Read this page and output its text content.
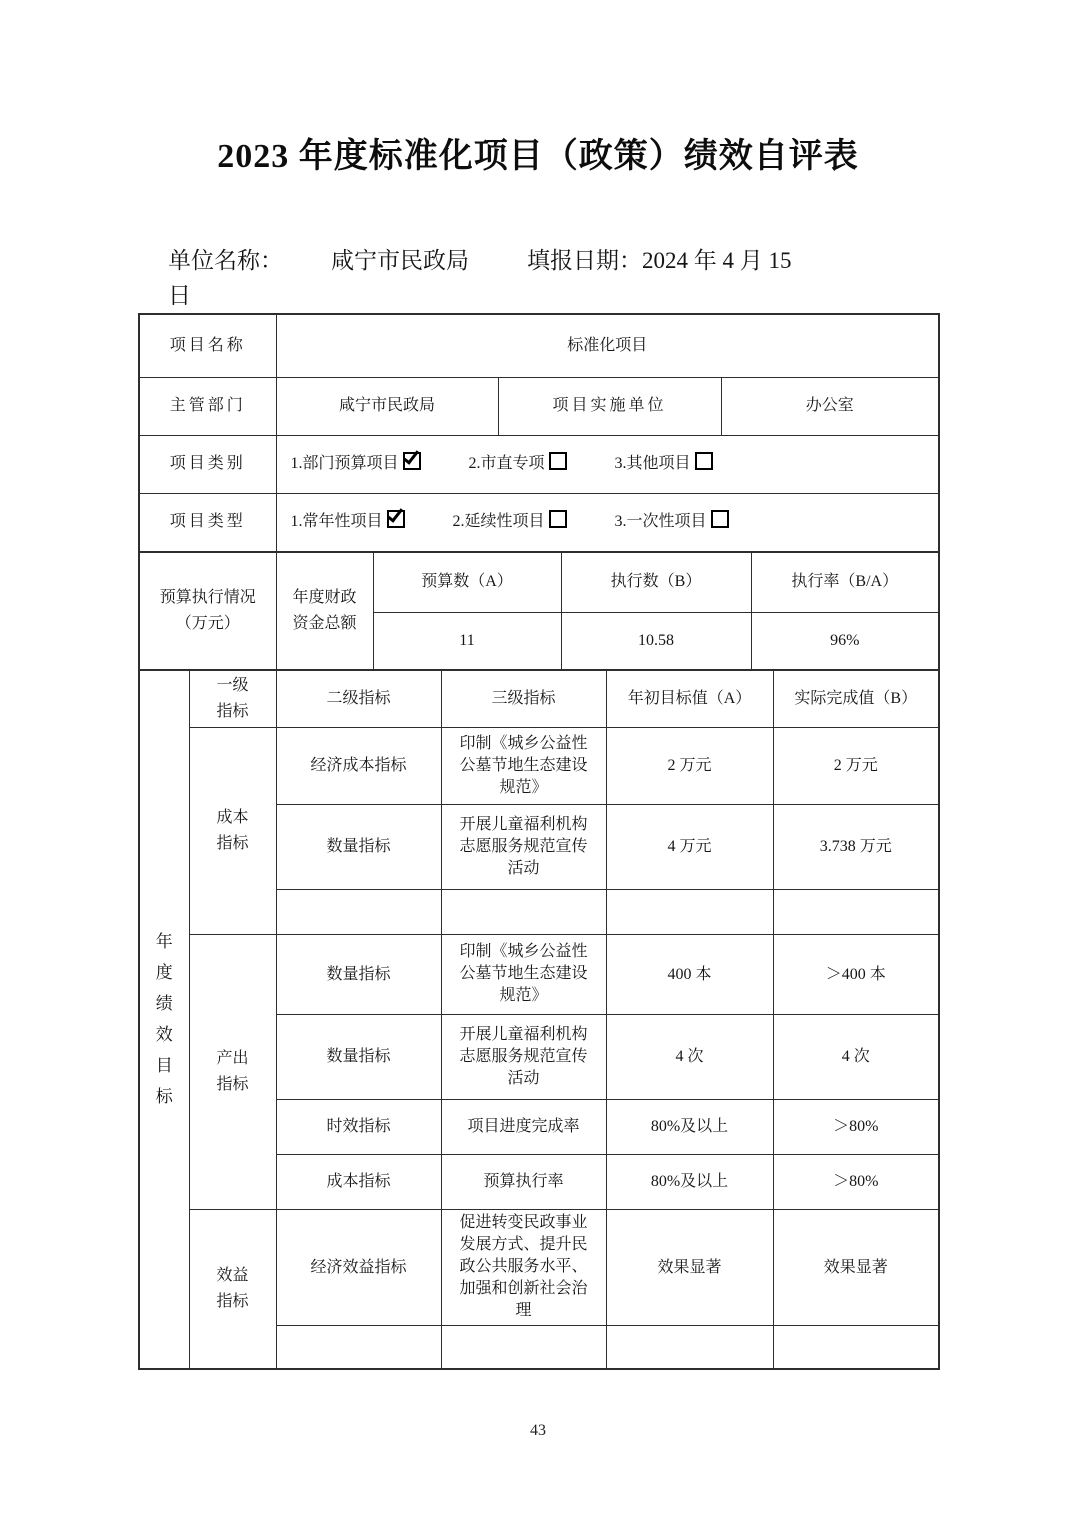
2023 年度标准化项目（政策）绩效自评表
单位名称： 咸宁市民政局	填报日期：2024 年 4 月 15
日
项目名称	标准化项目		
主管部门	咸宁市民政局	项目实施单位	办公室
项目类别	1.部门预算项目 2.市直专项 3.其他项目		
项目类型	1.常年性项目 2.延续性项目 3.一次性项目		
预算执行情况（万元）	年度财政资金总额	预算数（A）	执行数（B）	执行率（B/A）
		11	10.58	96%
年度绩效目标	一级指标	二级指标	三级指标	年初目标值（A）	实际完成值（B）
	成本指标	经济成本指标	印制《城乡公益性公墓节地生态建设规范》	2 万元	2 万元
		数量指标	开展儿童福利机构志愿服务规范宣传活动	4 万元	3.738 万元

	产出指标	数量指标	印制《城乡公益性公墓节地生态建设规范》	400 本	＞400 本
		数量指标	开展儿童福利机构志愿服务规范宣传活动	4 次	4 次
		时效指标	项目进度完成率	80%及以上	＞80%
		成本指标	预算执行率	80%及以上	＞80%
	效益指标	经济效益指标	促进转变民政事业发展方式、提升民政公共服务水平、加强和创新社会治理	效果显著	效果显著

43
